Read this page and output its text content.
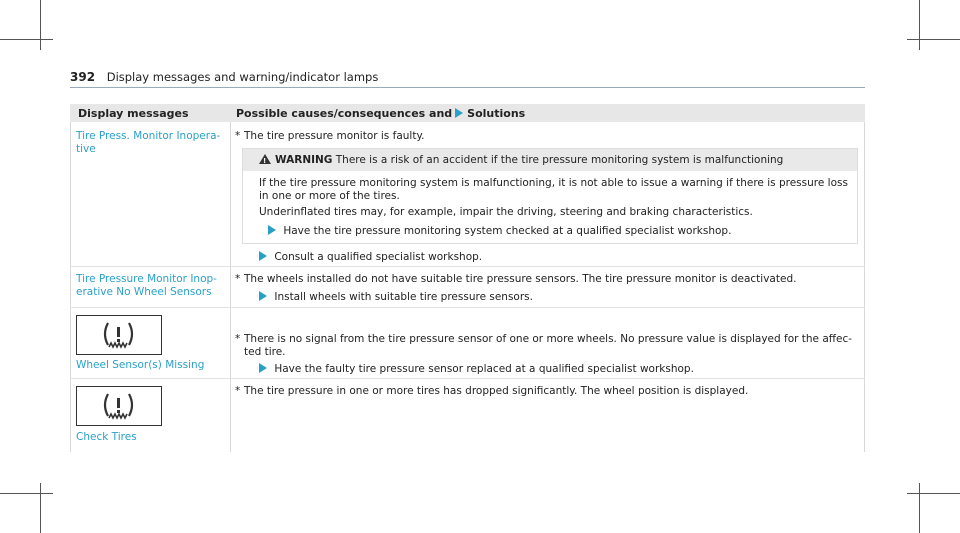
392 Display messages and warning/indicator lamps
Display messages	Possible causes/consequences and Solutions
Tire Press. Monitor Inopera-
tive
* The tire pressure monitor is faulty.
!WARNING There is a risk of an accident if the tire pressure monitoring system is malfunctioning
If the tire pressure monitoring system is malfunctioning, it is not able to issue a warning if there is pressure loss
in one or more of the tires.
Underinflated tires may, for example, impair the driving, steering and braking characteristics.
Have the tire pressure monitoring system checked at a qualified specialist workshop.
Consult a qualified specialist workshop.
Tire Pressure Monitor Inop-
erative No Wheel Sensors
* The wheels installed do not have suitable tire pressure sensors. The tire pressure monitor is deactivated.
Install wheels with suitable tire pressure sensors.
Wheel Sensor(s) Missing
* There is no signal from the tire pressure sensor of one or more wheels. No pressure value is displayed for the affec-
ted tire.
Have the faulty tire pressure sensor replaced at a qualified specialist workshop.
Check Tires
* The tire pressure in one or more tires has dropped significantly. The wheel position is displayed.
